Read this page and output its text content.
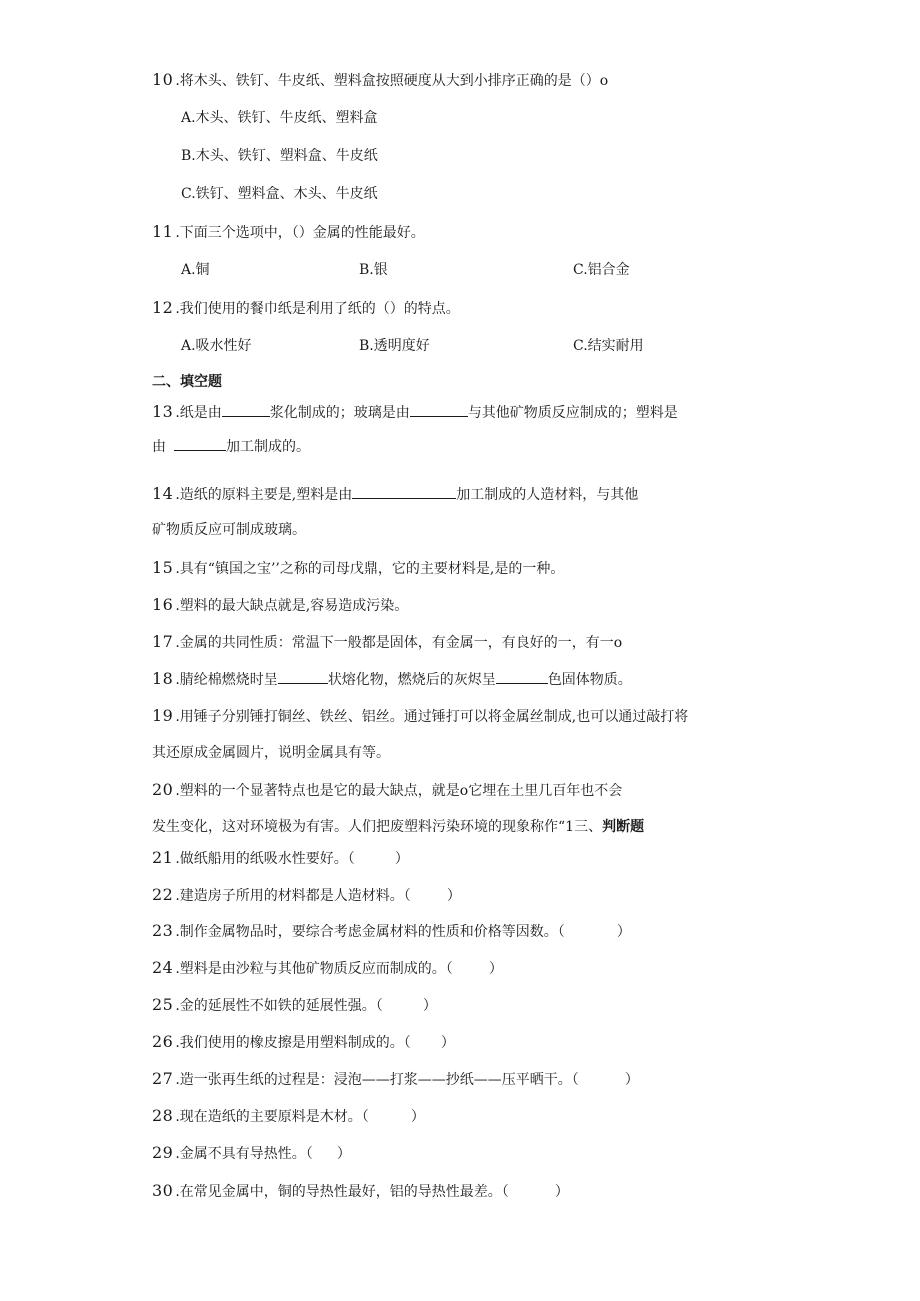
10 .将木头、铁钉、牛皮纸、塑料盒按照硬度从大到小排序正确的是（）o
A.木头、铁钉、牛皮纸、塑料盒
B.木头、铁钉、塑料盒、牛皮纸
C.铁钉、塑料盒、木头、牛皮纸
11 .下面三个选项中，（）金属的性能最好。
A.铜	B.银	C.铝合金
12 .我们使用的餐巾纸是利用了纸的（）的特点。
A.吸水性好	B.透明度好	C.结实耐用
二、填空题
13 .纸是由	浆化制成的；玻璃是由	与其他矿物质反应制成的；塑料是
由	加工制成的。
14 .造纸的原料主要是,塑料是由	加工制成的人造材料，与其他
矿物质反应可制成玻璃。
15 .具有“镇国之宝’’之称的司母戊鼎，它的主要材料是,是的一种。
16 .塑料的最大缺点就是,容易造成污染。
17 .金属的共同性质：常温下一般都是固体，有金属一，有良好的一，有一o
18 .腈纶棉燃烧时呈	状熔化物，燃烧后的灰烬呈	色固体物质。
19 .用锤子分别锤打铜丝、铁丝、铝丝。通过锤打可以将金属丝制成,也可以通过敲打将
其还原成金属圆片，说明金属具有等。
20 .塑料的一个显著特点也是它的最大缺点，就是o它埋在土里几百年也不会
发生变化，这对环境极为有害。人们把废塑料污染环境的现象称作“1三、判断题
21 .做纸船用的纸吸水性要好。（	）
22 .建造房子所用的材料都是人造材料。（	）
23 .制作金属物品时，要综合考虑金属材料的性质和价格等因数。（	）
24 .塑料是由沙粒与其他矿物质反应而制成的。（	）
25 .金的延展性不如铁的延展性强。（	）
26 .我们使用的橡皮擦是用塑料制成的。（ ）
27 .造一张再生纸的过程是：浸泡——打浆——抄纸——压平晒干。（	）
28 .现在造纸的主要原料是木材。（	）
29 .金属不具有导热性。（ ）
30 .在常见金属中，铜的导热性最好，铝的导热性最差。（	）
